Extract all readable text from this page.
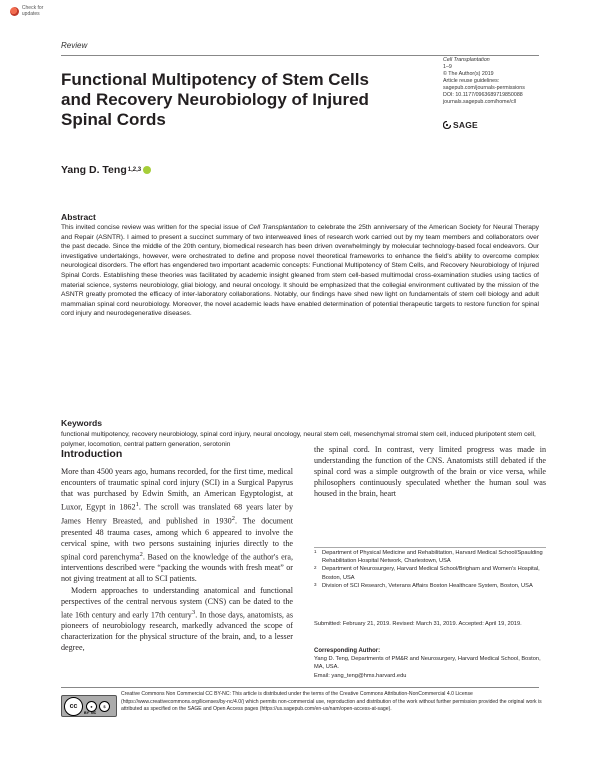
Check for updates
Review
Functional Multipotency of Stem Cells and Recovery Neurobiology of Injured Spinal Cords
Cell Transplantation
1–9
© The Author(s) 2019
Article reuse guidelines:
sagepub.com/journals-permissions
DOI: 10.1177/0963689719850088
journals.sagepub.com/home/cll
SAGE
Yang D. Teng 1,2,3
Abstract
This invited concise review was written for the special issue of Cell Transplantation to celebrate the 25th anniversary of the American Society for Neural Therapy and Repair (ASNTR). I aimed to present a succinct summary of two interweaved lines of research work carried out by my team members and collaborators over the past decade. Since the middle of the 20th century, biomedical research has been driven overwhelmingly by molecular technology-based focal endeavors. Our investigative undertakings, however, were orchestrated to define and propose novel theoretical frameworks to enhance the field's ability to overcome complex neurological disorders. The effort has engendered two important academic concepts: Functional Multipotency of Stem Cells, and Recovery Neurobiology of Injured Spinal Cords. Establishing these theories was facilitated by academic insight gleaned from stem cell-based multimodal cross-examination studies using tactics of material science, systems neurobiology, glial biology, and neural oncology. It should be emphasized that the collegial environment cultivated by the mission of the ASNTR greatly promoted the efficacy of inter-laboratory collaborations. Notably, our findings have shed new light on fundamentals of stem cell biology and adult mammalian spinal cord neurobiology. Moreover, the novel academic leads have enabled determination of potential therapeutic targets to restore function for spinal cord injury and neurodegenerative diseases.
Keywords
functional multipotency, recovery neurobiology, spinal cord injury, neural oncology, neural stem cell, mesenchymal stromal stem cell, induced pluripotent stem cell, polymer, locomotion, central pattern generation, serotonin
Introduction

More than 4500 years ago, humans recorded, for the first time, medical encounters of traumatic spinal cord injury (SCI) in a Surgical Papyrus that was purchased by Edwin Smith, an American Egyptologist, at Luxor, Egypt in 1862$^1$. The scroll was translated 68 years later by James Henry Breasted, and published in 1930$^2$. The document presented 48 trauma cases, among which 6 appeared to involve the cervical spine, with two persons sustaining injuries directly to the spinal cord parenchyma$^2$. Based on the knowledge of the author's era, interventions described were “packing the wounds with fresh meat” or not giving treatment at all to SCI patients.

Modern approaches to understanding anatomical and functional perspectives of the central nervous system (CNS) can be dated to the late 16th century and early 17th century$^3$. In those days, anatomists, as pioneers of neurobiology research, markedly advanced the scope of characterization for the physical structure of the brain, and, to a lesser degree,

the spinal cord. In contrast, very limited progress was made in understanding the function of the CNS. Anatomists still debated if the spinal cord was a simple outgrowth of the brain or vice versa, while philosophers continuously speculated whether the human soul was housed in the brain, heart
1 Department of Physical Medicine and Rehabilitation, Harvard Medical School/Spaulding Rehabilitation Hospital Network, Charlestown, USA
2 Department of Neurosurgery, Harvard Medical School/Brigham and Women's Hospital, Boston, USA
3 Division of SCI Research, Veterans Affairs Boston Healthcare System, Boston, USA
Submitted: February 21, 2019. Revised: March 31, 2019. Accepted: April 19, 2019.
Corresponding Author:
Yang D. Teng, Departments of PM&R and Neurosurgery, Harvard Medical School, Boston, MA, USA.
Email: yang_teng@hms.harvard.edu
cc	●	$
BY NC
Creative Commons Non Commercial CC BY-NC: This article is distributed under the terms of the Creative Commons Attribution-NonCommercial 4.0 License (https://www.creativecommons.org/licenses/by-nc/4.0/) which permits non-commercial use, reproduction and distribution of the work without further permission provided the original work is attributed as specified on the SAGE and Open Access pages (https://us.sagepub.com/en-us/nam/open-access-at-sage).
